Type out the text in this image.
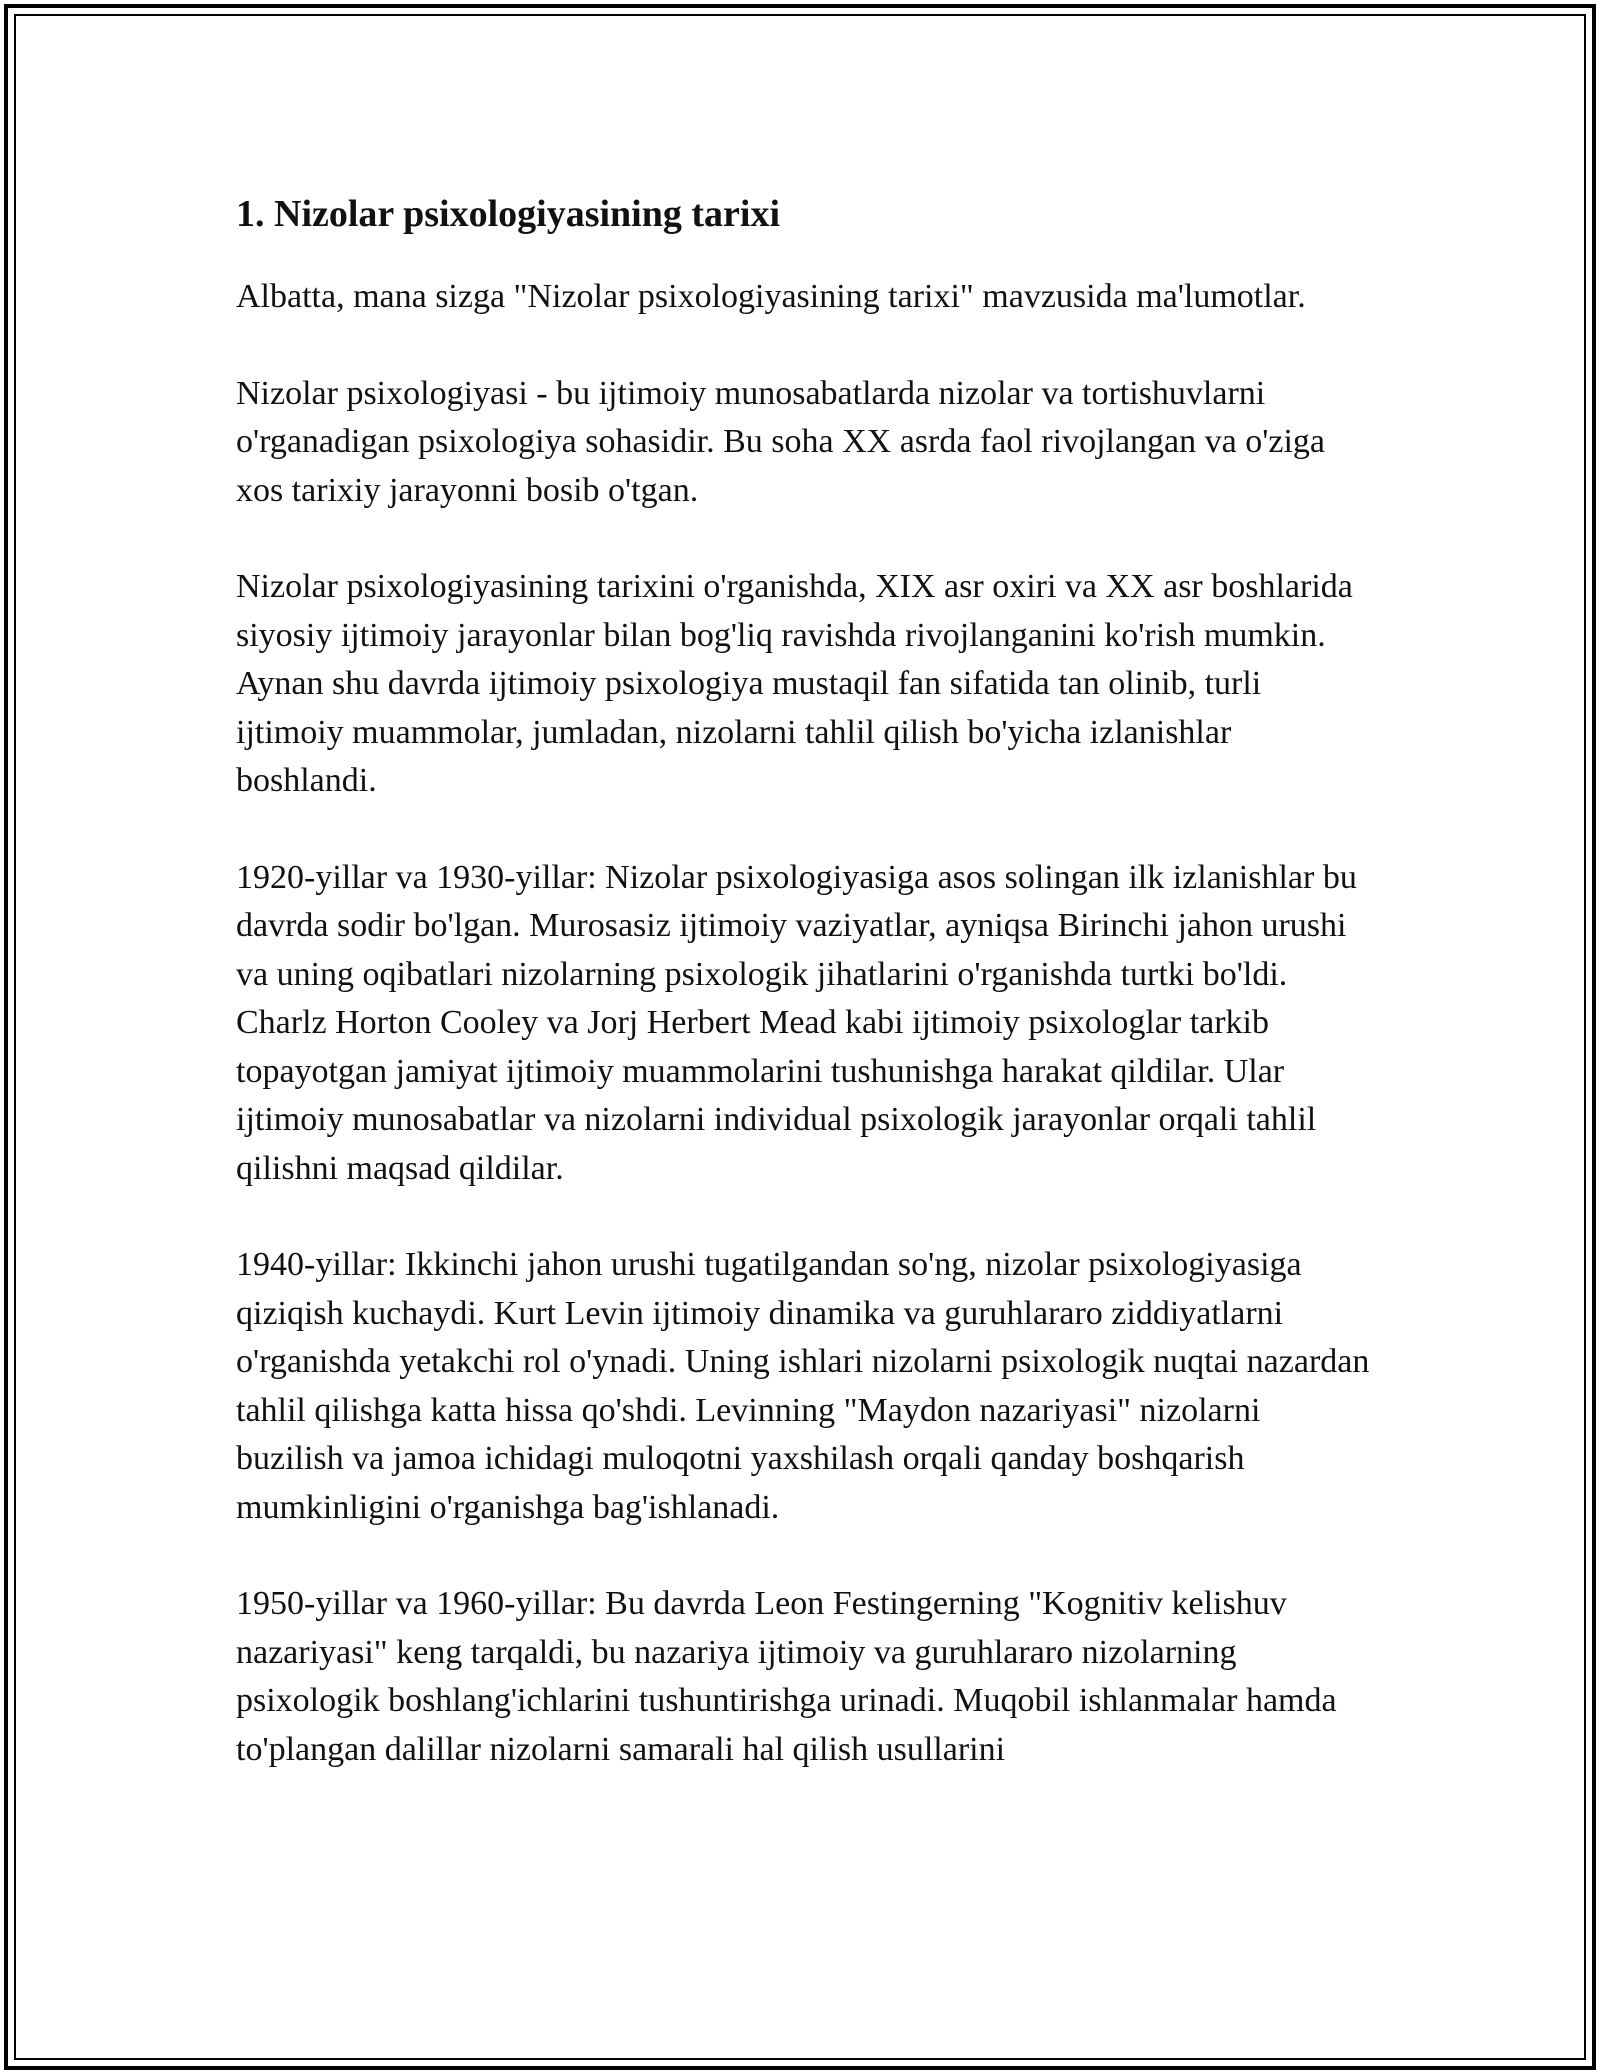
1. Nizolar psixologiyasining tarixi

Albatta, mana sizga "Nizolar psixologiyasining tarixi" mavzusida ma'lumotlar.

Nizolar psixologiyasi - bu ijtimoiy munosabatlarda nizolar va tortishuvlarni o'rganadigan psixologiya sohasidir. Bu soha XX asrda faol rivojlangan va o'ziga xos tarixiy jarayonni bosib o'tgan.

Nizolar psixologiyasining tarixini o'rganishda, XIX asr oxiri va XX asr boshlarida siyosiy ijtimoiy jarayonlar bilan bog'liq ravishda rivojlanganini ko'rish mumkin. Aynan shu davrda ijtimoiy psixologiya mustaqil fan sifatida tan olinib, turli ijtimoiy muammolar, jumladan, nizolarni tahlil qilish bo'yicha izlanishlar boshlandi.

1920-yillar va 1930-yillar: Nizolar psixologiyasiga asos solingan ilk izlanishlar bu davrda sodir bo'lgan. Murosasiz ijtimoiy vaziyatlar, ayniqsa Birinchi jahon urushi va uning oqibatlari nizolarning psixologik jihatlarini o'rganishda turtki bo'ldi. Charlz Horton Cooley va Jorj Herbert Mead kabi ijtimoiy psixologlar tarkib topayotgan jamiyat ijtimoiy muammolarini tushunishga harakat qildilar. Ular ijtimoiy munosabatlar va nizolarni individual psixologik jarayonlar orqali tahlil qilishni maqsad qildilar.

1940-yillar: Ikkinchi jahon urushi tugatilgandan so'ng, nizolar psixologiyasiga qiziqish kuchaydi. Kurt Levin ijtimoiy dinamika va guruhlararo ziddiyatlarni o'rganishda yetakchi rol o'ynadi. Uning ishlari nizolarni psixologik nuqtai nazardan tahlil qilishga katta hissa qo'shdi. Levinning "Maydon nazariyasi" nizolarni buzilish va jamoa ichidagi muloqotni yaxshilash orqali qanday boshqarish mumkinligini o'rganishga bag'ishlanadi.

1950-yillar va 1960-yillar: Bu davrda Leon Festingerning "Kognitiv kelishuv nazariyasi" keng tarqaldi, bu nazariya ijtimoiy va guruhlararo nizolarning psixologik boshlang'ichlarini tushuntirishga urinadi. Muqobil ishlanmalar hamda to'plangan dalillar nizolarni samarali hal qilish usullarini
